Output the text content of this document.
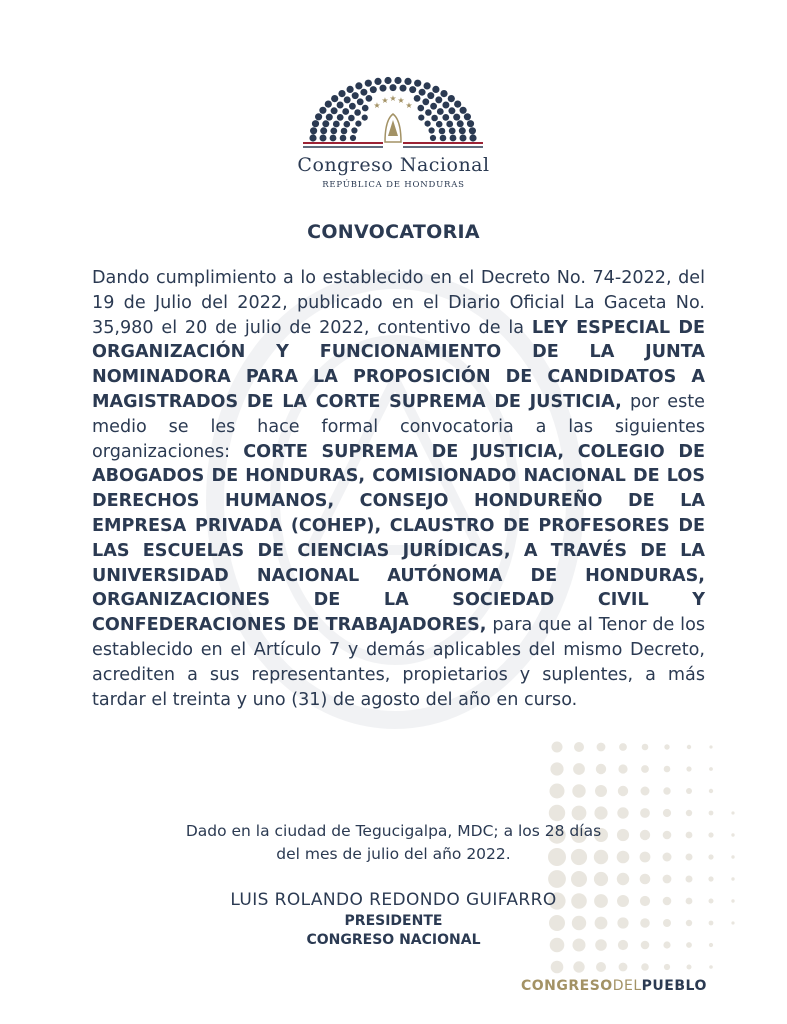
★
★ ★ ★
★
Congreso Nacional
REPÚBLICA DE HONDURAS
CONVOCATORIA
Dando cumplimiento a lo establecido en el Decreto No. 74-2022, del 19 de Julio del 2022, publicado en el Diario Oficial La Gaceta No. 35,980 el 20 de julio de 2022, contentivo de la LEY ESPECIAL DE ORGANIZACIÓN Y FUNCIONAMIENTO DE LA JUNTA NOMINADORA PARA LA PROPOSICIÓN DE CANDIDATOS A MAGISTRADOS DE LA CORTE SUPREMA DE JUSTICIA, por este medio se les hace formal convocatoria a las siguientes organizaciones: CORTE SUPREMA DE JUSTICIA, COLEGIO DE ABOGADOS DE HONDURAS, COMISIONADO NACIONAL DE LOS DERECHOS HUMANOS, CONSEJO HONDUREÑO DE LA EMPRESA PRIVADA (COHEP), CLAUSTRO DE PROFESORES DE LAS ESCUELAS DE CIENCIAS JURÍDICAS, A TRAVÉS DE LA UNIVERSIDAD NACIONAL AUTÓNOMA DE HONDURAS, ORGANIZACIONES DE LA SOCIEDAD CIVIL Y CONFEDERACIONES DE TRABAJADORES, para que al Tenor de los establecido en el Artículo 7 y demás aplicables del mismo Decreto, acrediten a sus representantes, propietarios y suplentes, a más tardar el treinta y uno (31) de agosto del año en curso.
Dado en la ciudad de Tegucigalpa, MDC; a los 28 días
del mes de julio del año 2022.
LUIS ROLANDO REDONDO GUIFARRO
PRESIDENTE
CONGRESO NACIONAL
CONGRESODELPUEBLO
